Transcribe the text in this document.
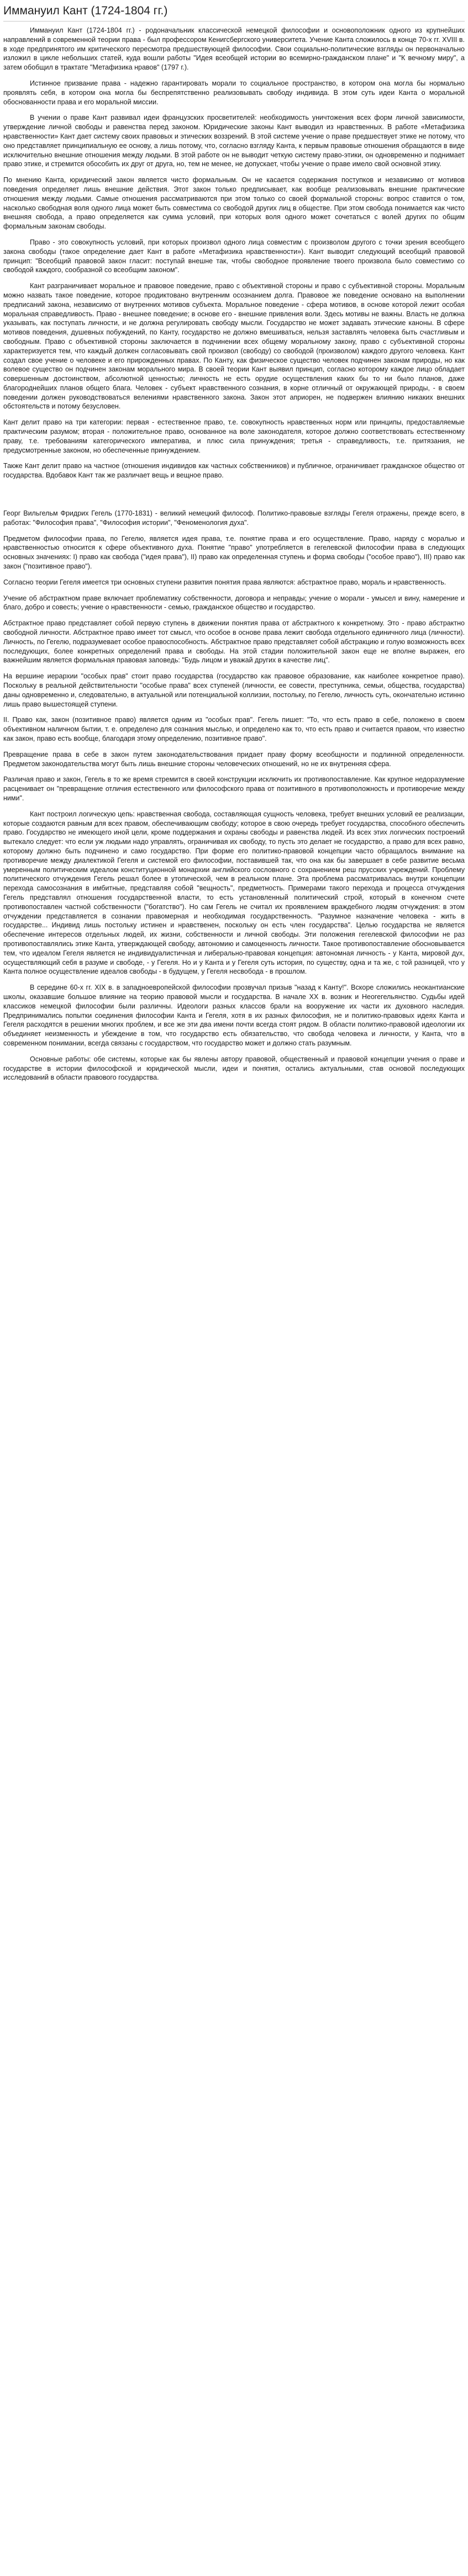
Иммануил Кант (1724-1804 гг.)

Иммануил Кант (1724-1804 гг.) - родоначальник классической немецкой философии и основоположник одного из крупнейших направлений в современной теории права - был профессором Кенигсбергского университета. Учение Канта сложилось в конце 70-х гг. XVIII в. в ходе предпринятого им критического пересмотра предшествующей философии. Свои социально-политические взгляды он первоначально изложил в цикле небольших статей, куда вошли работы "Идея всеобщей истории во всемирно-гражданском плане" и "К вечному миру", а затем обобщил в трактате "Метафизика нравов" (1797 г.).

Истинное призвание права - надежно гарантировать морали то социальное пространство, в котором она могла бы нормально проявлять себя, в котором она могла бы беспрепятственно реализовывать свободу индивида. В этом суть идеи Канта о моральной обоснованности права и его моральной миссии.

В учении о праве Кант развивал идеи французских просветителей: необходимость уничтожения всех форм личной зависимости, утверждение личной свободы и равенства перед законом. Юридические законы Кант выводил из нравственных. В работе «Метафизика нравственности» Кант дает систему своих правовых и этических воззрений. В этой системе учение о праве предшествует этике не потому, что оно представляет принципиальную ее основу, а лишь потому, что, согласно взгляду Канта, к первым правовые отношения обращаются в виде исключительно внешние отношения между людьми. В этой работе он не выводит четкую систему право-этики, он одновременно и поднимает право этике, и стремится обособить их друг от друга, но, тем не менее, не допускает, чтобы учение о праве имело свой основной этику.

По мнению Канта, юридический закон является чисто формальным. Он не касается содержания поступков и независимо от мотивов поведения определяет лишь внешние действия. Этот закон только предписывает, как вообще реализовывать внешние практические отношения между людьми. Самые отношения рассматриваются при этом только со своей формальной стороны: вопрос ставится о том, насколько свободная воля одного лица может быть совместима со свободой других лиц в обществе. При этом свобода понимается как чисто внешняя свобода, а право определяется как сумма условий, при которых воля одного может сочетаться с волей других по общим формальным законам свободы.

Право - это совокупность условий, при которых произвол одного лица совместим с произволом другого с точки зрения всеобщего закона свободы (такое определение дает Кант в работе «Метафизика нравственности»). Кант выводит следующий всеобщий правовой принцип: "Всеобщий правовой закон гласит: поступай внешне так, чтобы свободное проявление твоего произвола было совместимо со свободой каждого, сообразной со всеобщим законом".

Кант разграничивает моральное и правовое поведение, право с объективной стороны и право с субъективной стороны. Моральным можно назвать такое поведение, которое продиктовано внутренним осознанием долга. Правовое же поведение основано на выполнении предписаний закона, независимо от внутренних мотивов субъекта. Моральное поведение - сфера мотивов, в основе которой лежит особая моральная справедливость. Право - внешнее поведение; в основе его - внешние привления воли. Здесь мотивы не важны. Власть не должна указывать, как поступать личности, и не должна регулировать свободу мысли. Государство не может задавать этические каноны. В сфере мотивов поведения, душевных побуждений, по Канту, государство не должно вмешиваться, нельзя заставлять человека быть счастливым и свободным. Право с объективной стороны заключается в подчинении всех общему моральному закону, право с субъективной стороны характеризуется тем, что каждый должен согласовывать свой произвол (свободу) со свободой (произволом) каждого другого человека. Кант создал свое учение о человеке и его прирожденных правах. По Канту, как физическое существо человек подчинен законам природы, но как волевое существо он подчинен законам морального мира. В своей теории Кант выявил принцип, согласно которому каждое лицо обладает совершенным достоинством, абсолютной ценностью; личность не есть орудие осуществления каких бы то ни было планов, даже благороднейших планов общего блага. Человек - субъект нравственного сознания, в корне отличный от окружающей природы, - в своем поведении должен руководствоваться велениями нравственного закона. Закон этот априорен, не подвержен влиянию никаких внешних обстоятельств и потому безусловен.

Кант делит право на три категории: первая - естественное право, т.е. совокупность нравственных норм или принципы, предоставляемые практическим разумом; вторая - положительное право, основанное на воле законодателя, которое должно соответствовать естественному праву, т.е. требованиям категорического императива, и плюс сила принуждения; третья - справедливость, т.е. притязания, не предусмотренные законом, но обеспеченные принуждением.

Также Кант делит право на частное (отношения индивидов как частных собственников) и публичное, ограничивает гражданское общество от государства. Вдобавок Кант так же различает вещь и вещное право.

Георг Вильгельм Фридрих Гегель (1770-1831) - великий немецкий философ. Политико-правовые взгляды Гегеля отражены, прежде всего, в работах: "Философия права", "Философия истории", "Феноменология духа".

Предметом философии права, по Гегелю, является идея права, т.е. понятие права и его осуществление. Право, наряду с моралью и нравственностью относится к сфере объективного духа. Понятие "право" употребляется в гегелевской философии права в следующих основных значениях: I) право как свобода ("идея права"), II) право как определенная ступень и форма свободы ("особое право"), III) право как закон ("позитивное право").

Согласно теории Гегеля имеется три основных ступени развития понятия права являются: абстрактное право, мораль и нравственность.

Учение об абстрактном праве включает проблематику собственности, договора и неправды; учение о морали - умысел и вину, намерение и благо, добро и совесть; учение о нравственности - семью, гражданское общество и государство.

Абстрактное право представляет собой первую ступень в движении понятия права от абстрактного к конкретному. Это - право абстрактно свободной личности. Абстрактное право имеет тот смысл, что особое в основе права лежит свобода отдельного единичного лица (личности). Личность, по Гегелю, подразумевает особое правоспособность. Абстрактное право представляет собой абстракцию и голую возможность всех последующих, более конкретных определений права и свободы. На этой стадии положительной закон еще не вполне выражен, его важнейшим является формальная правовая заповедь: "Будь лицом и уважай других в качестве лиц".

На вершине иерархии "особых прав" стоит право государства (государство как правовое образование, как наиболее конкретное право). Поскольку в реальной действительности "особые права" всех ступеней (личности, ее совести, преступника, семьи, общества, государства) даны одновременно и, следовательно, в актуальной или потенциальной коллизии, постольку, по Гегелю, личность суть, окончательно истинно лишь право вышестоящей ступени.

II. Право как, закон (позитивное право) является одним из "особых прав". Гегель пишет: "То, что есть право в себе, положено в своем объективном наличном бытии, т. е. определено для сознания мыслью, и определено как то, что есть право и считается правом, что известно как закон, право есть вообще, благодаря этому определению, позитивное право".

Превращение права в себе в закон путем законодательствования придает праву форму всеобщности и подлинной определенности. Предметом законодательства могут быть лишь внешние стороны человеческих отношений, но не их внутренняя сфера.

Различая право и закон, Гегель в то же время стремится в своей конструкции исключить их противопоставление. Как крупное недоразумение расценивает он "превращение отличия естественного или философского права от позитивного в противоположность и противоречие между ними".

Кант построил логическую цепь: нравственная свобода, составляющая сущность человека, требует внешних условий ее реализации, которые создаются равным для всех правом, обеспечивающим свободу; которое в свою очередь требует государства, способного обеспечить право. Государство не имеющего иной цели, кроме поддержания и охраны свободы и равенства людей. Из всех этих логических построений вытекало следует: что если уж людьми надо управлять, ограничивая их свободу, то пусть это делает не государство, а право для всех равно, которому должно быть подчинено и само государство. При форме его политико-правовой концепции часто обращалось внимание на противоречие между диалектикой Гегеля и системой его философии, поставившей так, что она как бы завершает в себе развитие весьма умеренным политическим идеалом конституционной монархии английского сословного с сохранением реш прусских учреждений. Проблему политического отчуждения Гегель решал более в утопической, чем в реальном плане. Эта проблема рассматривалась внутри концепции перехода самосознания в имбитные, представляя собой "вещность", предметность. Примерами такого перехода и процесса отчуждения Гегель представлял отношения государственной власти, то есть установленный политический строй, который в конечном счете противопоставлен частной собственности ("богатство"). Но сам Гегель не считал их проявлением враждебного людям отчуждения: в этом отчуждении представляется в сознании правомерная и необходимая государственность. "Разумное назначение человека - жить в государстве... Индивид лишь постольку истинен и нравственен, поскольку он есть член государства". Целью государства не является обеспечение интересов отдельных людей, их жизни, собственности и личной свободы. Эти положения гегелевской философии не раз противопоставлялись этике Канта, утверждающей свободу, автономию и самоценность личности. Такое противопоставление обосновывается тем, что идеалом Гегеля является не индивидуалистичная и либерально-правовая концепция: автономная личность - у Канта, мировой дух, осуществляющий себя в разуме и свободе, - у Гегеля. Но и у Канта и у Гегеля суть история, по существу, одна и та же, с той разницей, что у Канта полное осуществление идеалов свободы - в будущем, у Гегеля несвобода - в прошлом.

В середине 60-х гг. XIX в. в западноевропейской философии прозвучал призыв "назад к Канту!". Вскоре сложились неокантианские школы, оказавшие большое влияние на теорию правовой мысли и государства. В начале XX в. возник и Неогегельянство. Судьбы идей классиков немецкой философии были различны. Идеологи разных классов брали на вооружение их части их духовного наследия. Предпринимались попытки соединения философии Канта и Гегеля, хотя в их разных философия, не и политико-правовых идеях Канта и Гегеля расходятся в решении многих проблем, и все же эти два имени почти всегда стоят рядом. В области политико-правовой идеологии их объединяет неизменность и убеждение в том, что государство есть обязательство, что свобода человека и личности, у Канта, что в современном понимании, всегда связаны с государством, что государство может и должно стать разумным.

Основные работы: обе системы, которые как бы явлены автору правовой, общественный и правовой концепции учения о праве и государстве в истории философской и юридической мысли, идеи и понятия, остались актуальными, став основой последующих исследований в области правового государства.
